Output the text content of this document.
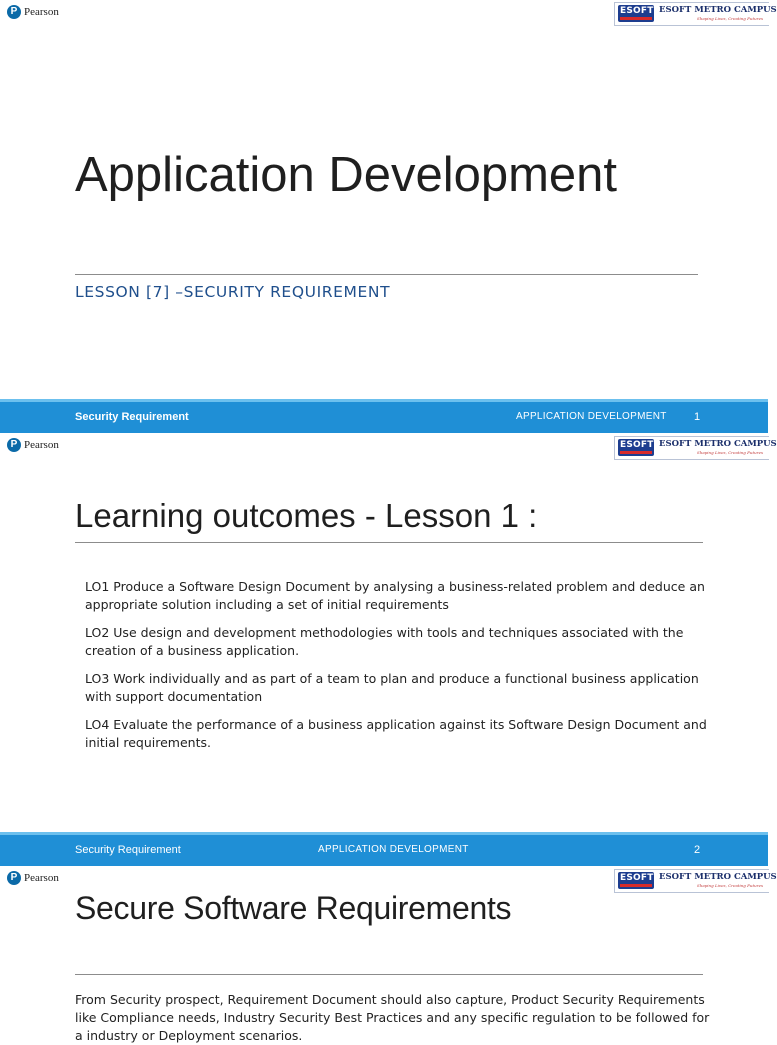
P Pearson	ESOFT ESOFT METRO CAMPUS
Shaping Lives, Creating Futures
Application Development
LESSON [7] –SECURITY REQUIREMENT
Security Requirement	APPLICATION DEVELOPMENT 1
P Pearson	ESOFT ESOFT METRO CAMPUS
Shaping Lives, Creating Futures
Learning outcomes - Lesson 1 :
LO1 Produce a Software Design Document by analysing a business-related problem and deduce an appropriate solution including a set of initial requirements
LO2 Use design and development methodologies with tools and techniques associated with the creation of a business application.
LO3 Work individually and as part of a team to plan and produce a functional business application with support documentation
LO4 Evaluate the performance of a business application against its Software Design Document and initial requirements.
Security Requirement	APPLICATION DEVELOPMENT	2
P Pearson	ESOFT ESOFT METRO CAMPUS
Shaping Lives, Creating Futures
Secure Software Requirements
From Security prospect, Requirement Document should also capture, Product Security Requirements like Compliance needs, Industry Security Best Practices and any specific regulation to be followed for a industry or Deployment scenarios.
